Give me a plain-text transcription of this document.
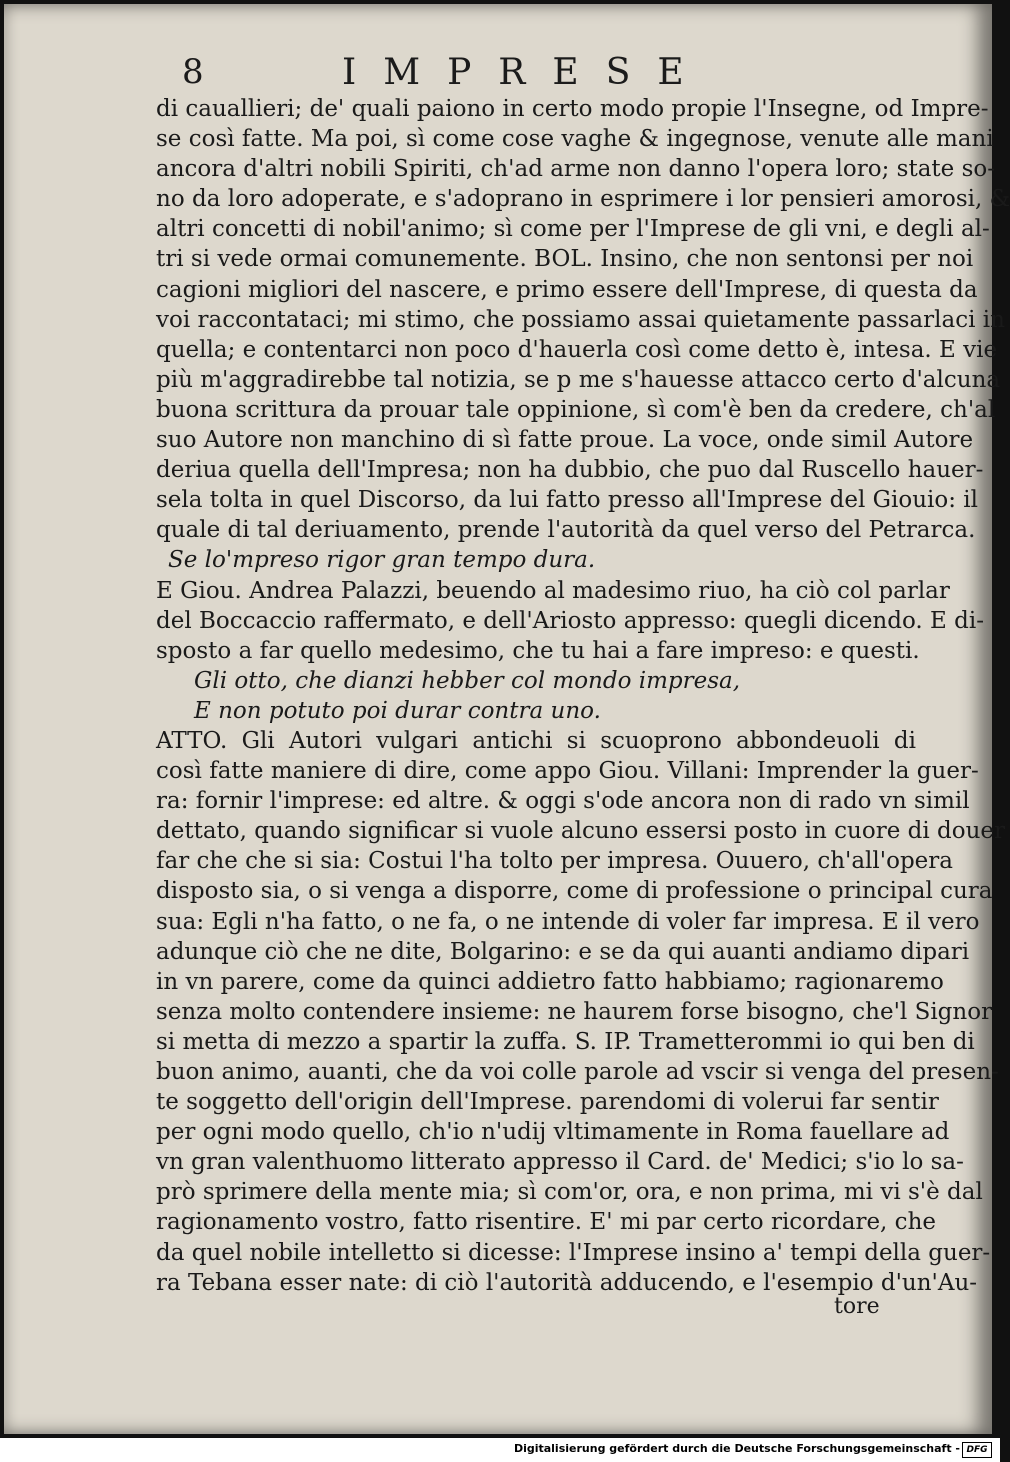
8	IMPRESE
di cauallieri; de' quali paiono in certo modo propie l'Insegne, od Impre-
se così fatte. Ma poi, sì come cose vaghe & ingegnose, venute alle mani
ancora d'altri nobili Spiriti, ch'ad arme non danno l'opera loro; state so-
no da loro adoperate, e s'adoprano in esprimere i lor pensieri amorosi, &
altri concetti di nobil'animo; sì come per l'Imprese de gli vni, e degli al-
tri si vede ormai comunemente. BOL. Insino, che non sentonsi per noi
cagioni migliori del nascere, e primo essere dell'Imprese, di questa da
voi raccontataci; mi stimo, che possiamo assai quietamente passarlaci in
quella; e contentarci non poco d'hauerla così come detto è, intesa. E vie
più m'aggradirebbe tal notizia, se p me s'hauesse attacco certo d'alcuna
buona scrittura da prouar tale oppinione, sì com'è ben da credere, ch'al
suo Autore non manchino di sì fatte proue. La voce, onde simil Autore
deriua quella dell'Impresa; non ha dubbio, che puo dal Ruscello hauer-
sela tolta in quel Discorso, da lui fatto presso all'Imprese del Giouio: il
quale di tal deriuamento, prende l'autorità da quel verso del Petrarca.
Se lo'mpreso rigor gran tempo dura.
E Giou. Andrea Palazzi, beuendo al madesimo riuo, ha ciò col parlar
del Boccaccio raffermato, e dell'Ariosto appresso: quegli dicendo. E di-
sposto a far quello medesimo, che tu hai a fare impreso: e questi.
Gli otto, che dianzi hebber col mondo impresa,
E non potuto poi durar contra uno.
ATTO. Gli Autori vulgari antichi si scuoprono abbondeuoli di
così fatte maniere di dire, come appo Giou. Villani: Imprender la guer-
ra: fornir l'imprese: ed altre. & oggi s'ode ancora non di rado vn simil
dettato, quando significar si vuole alcuno essersi posto in cuore di douer
far che che si sia: Costui l'ha tolto per impresa. Ouuero, ch'all'opera
disposto sia, o si venga a disporre, come di professione o principal cura
sua: Egli n'ha fatto, o ne fa, o ne intende di voler far impresa. E il vero
adunque ciò che ne dite, Bolgarino: e se da qui auanti andiamo dipari
in vn parere, come da quinci addietro fatto habbiamo; ragionaremo
senza molto contendere insieme: ne haurem forse bisogno, che'l Signor
si metta di mezzo a spartir la zuffa. S. IP. Trametterommi io qui ben di
buon animo, auanti, che da voi colle parole ad vscir si venga del presen-
te soggetto dell'origin dell'Imprese. parendomi di volerui far sentir
per ogni modo quello, ch'io n'udij vltimamente in Roma fauellare ad
vn gran valenthuomo litterato appresso il Card. de' Medici; s'io lo sa-
prò sprimere della mente mia; sì com'or, ora, e non prima, mi vi s'è dal
ragionamento vostro, fatto risentire. E' mi par certo ricordare, che
da quel nobile intelletto si dicesse: l'Imprese insino a' tempi della guer-
ra Tebana esser nate: di ciò l'autorità adducendo, e l'esempio d'un'Au-
tore
Digitalisierung gefördert durch die Deutsche Forschungsgemeinschaft - DFG
